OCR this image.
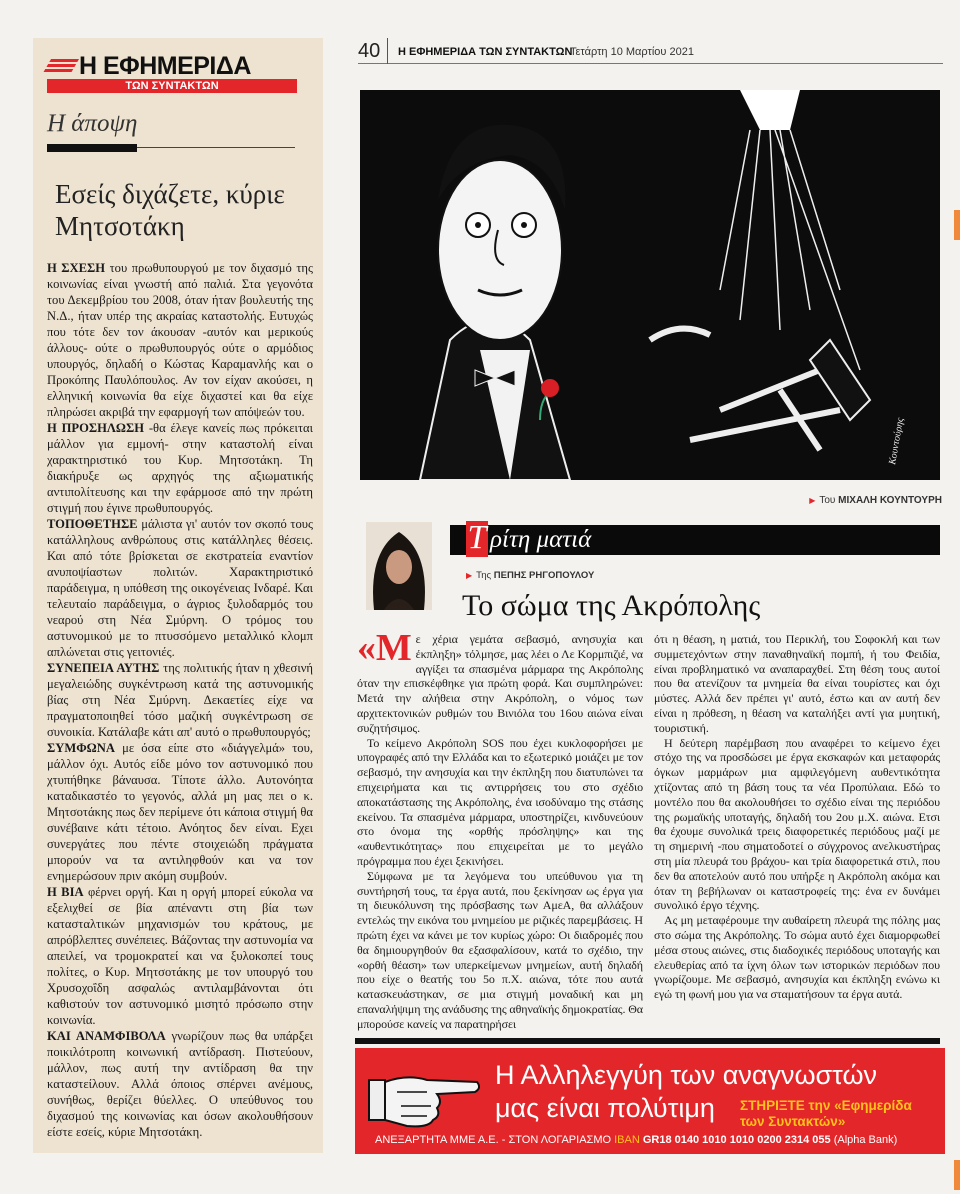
Η ΕΦΗΜΕΡΙΔΑ
ΤΩΝ ΣΥΝΤΑΚΤΩΝ
Η άποψη
Εσείς διχάζετε, κύριε Μητσοτάκη

Η ΣΧΕΣΗ του πρωθυπουργού με τον διχασμό της κοινωνίας είναι γνωστή από παλιά. Στα γεγονότα του Δεκεμβρίου του 2008, όταν ήταν βουλευτής της Ν.Δ., ήταν υπέρ της ακραίας καταστολής. Ευτυχώς που τότε δεν τον άκουσαν -αυτόν και μερικούς άλλους- ούτε ο πρωθυπουργός ούτε ο αρμόδιος υπουργός, δηλαδή ο Κώστας Καραμανλής και ο Προκόπης Παυλόπουλος. Αν τον είχαν ακούσει, η ελληνική κοινωνία θα είχε διχαστεί και θα είχε πληρώσει ακριβά την εφαρμογή των απόψεών του.

Η ΠΡΟΣΗΛΩΣΗ -θα έλεγε κανείς πως πρόκειται μάλλον για εμμονή- στην καταστολή είναι χαρακτηριστικό του Κυρ. Μητσοτάκη. Τη διακήρυξε ως αρχηγός της αξιωματικής αντιπολίτευσης και την εφάρμοσε από την πρώτη στιγμή που έγινε πρωθυπουργός.

ΤΟΠΟΘΕΤΗΣΕ μάλιστα γι' αυτόν τον σκοπό τους κατάλληλους ανθρώπους στις κατάλληλες θέσεις. Και από τότε βρίσκεται σε εκστρατεία εναντίον ανυποψίαστων πολιτών. Χαρακτηριστικό παράδειγμα, η υπόθεση της οικογένειας Ινδαρέ. Και τελευταίο παράδειγμα, ο άγριος ξυλοδαρμός του νεαρού στη Νέα Σμύρνη. Ο τρόμος του αστυνομικού με το πτυσσόμενο μεταλλικό κλομπ απλώνεται στις γειτονιές.

ΣΥΝΕΠΕΙΑ ΑΥΤΗΣ της πολιτικής ήταν η χθεσινή μεγαλειώδης συγκέντρωση κατά της αστυνομικής βίας στη Νέα Σμύρνη. Δεκαετίες είχε να πραγματοποιηθεί τόσο μαζική συγκέντρωση σε συνοικία. Κατάλαβε κάτι απ' αυτό ο πρωθυπουργός;

ΣΥΜΦΩΝΑ με όσα είπε στο «διάγγελμά» του, μάλλον όχι. Αυτός είδε μόνο τον αστυνομικό που χτυπήθηκε βάναυσα. Τίποτε άλλο. Αυτονόητα καταδικαστέο το γεγονός, αλλά μη μας πει ο κ. Μητσοτάκης πως δεν περίμενε ότι κάποια στιγμή θα συνέβαινε κάτι τέτοιο. Ανόητος δεν είναι. Εχει συνεργάτες που πέντε στοιχειώδη πράγματα μπορούν να τα αντιληφθούν και να τον ενημερώσουν πριν ακόμη συμβούν.

Η ΒΙΑ φέρνει οργή. Και η οργή μπορεί εύκολα να εξελιχθεί σε βία απέναντι στη βία των κατασταλτικών μηχανισμών του κράτους, με απρόβλεπτες συνέπειες. Βάζοντας την αστυνομία να απειλεί, να τρομοκρατεί και να ξυλοκοπεί τους πολίτες, ο Κυρ. Μητσοτάκης με τον υπουργό του Χρυσοχοΐδη ασφαλώς αντιλαμβάνονται ότι καθιστούν τον αστυνομικό μισητό πρόσωπο στην κοινωνία.

ΚΑΙ ΑΝΑΜΦΙΒΟΛΑ γνωρίζουν πως θα υπάρξει ποικιλότροπη κοινωνική αντίδραση. Πιστεύουν, μάλλον, πως αυτή την αντίδραση θα την καταστείλουν. Αλλά όποιος σπέρνει ανέμους, συνήθως, θερίζει θύελλες. Ο υπεύθυνος του διχασμού της κοινωνίας και όσων ακολουθήσουν είστε εσείς, κύριε Μητσοτάκη.

40 Η ΕΦΗΜΕΡΙΔΑ ΤΩΝ ΣΥΝΤΑΚΤΩΝ
Τετάρτη 10 Μαρτίου 2021
Κουντούρης
▶ Του ΜΙΧΑΛΗ ΚΟΥΝΤΟΥΡΗ
Τ ρίτη ματιά
▶ Της ΠΕΠΗΣ ΡΗΓΟΠΟΥΛΟΥ
Το σώμα της Ακρόπολης

«Με χέρια γεμάτα σεβασμό, ανησυχία και έκπληξη» τόλμησε, μας λέει ο Λε Κορμπιζιέ, να αγγίξει τα σπασμένα μάρμαρα της Ακρόπολης όταν την επισκέφθηκε για πρώτη φορά. Και συμπληρώνει: Μετά την αλήθεια στην Ακρόπολη, ο νόμος των αρχιτεκτονικών ρυθμών του Βινιόλα του 16ου αιώνα είναι συζητήσιμος.

Το κείμενο Ακρόπολη SOS που έχει κυκλοφορήσει με υπογραφές από την Ελλάδα και το εξωτερικό μοιάζει με τον σεβασμό, την ανησυχία και την έκπληξη που διατυπώνει τα επιχειρήματα και τις αντιρρήσεις του στο σχέδιο αποκατάστασης της Ακρόπολης, ένα ισοδύναμο της στάσης εκείνου. Τα σπασμένα μάρμαρα, υποστηρίζει, κινδυνεύουν στο όνομα της «ορθής πρόσληψης» και της «αυθεντικότητας» που επιχειρείται με το μεγάλο πρόγραμμα που έχει ξεκινήσει.

Σύμφωνα με τα λεγόμενα του υπεύθυνου για τη συντήρησή τους, τα έργα αυτά, που ξεκίνησαν ως έργα για τη διευκόλυνση της πρόσβασης των ΑμεΑ, θα αλλάξουν εντελώς την εικόνα του μνημείου με ριζικές παρεμβάσεις. Η πρώτη έχει να κάνει με τον κυρίως χώρο: Οι διαδρομές που θα δημιουργηθούν θα εξασφαλίσουν, κατά το σχέδιο, την «ορθή θέαση» των υπερκείμενων μνημείων, αυτή δηλαδή που είχε ο θεατής του 5ο π.Χ. αιώνα, τότε που αυτά κατασκευάστηκαν, σε μια στιγμή μοναδική και μη επαναλήψιμη της ανάδυσης της αθηναϊκής δημοκρατίας. Θα μπορούσε κανείς να παρατηρήσει

ότι η θέαση, η ματιά, του Περικλή, του Σοφοκλή και των συμμετεχόντων στην παναθηναϊκή πομπή, ή του Φειδία, είναι προβληματικό να αναπαραχθεί. Στη θέση τους αυτοί που θα ατενίζουν τα μνημεία θα είναι τουρίστες και όχι μύστες. Αλλά δεν πρέπει γι' αυτό, έστω και αν αυτή δεν είναι η πρόθεση, η θέαση να καταλήξει αντί για μυητική, τουριστική.

Η δεύτερη παρέμβαση που αναφέρει το κείμενο έχει στόχο της να προσδώσει με έργα εκσκαφών και μεταφοράς όγκων μαρμάρων μια αμφιλεγόμενη αυθεντικότητα χτίζοντας από τη βάση τους τα νέα Προπύλαια. Εδώ το μοντέλο που θα ακολουθήσει το σχέδιο είναι της περιόδου της ρωμαϊκής υποταγής, δηλαδή του 2ου μ.Χ. αιώνα. Ετσι θα έχουμε συνολικά τρεις διαφορετικές περιόδους μαζί με τη σημερινή -που σηματοδοτεί ο σύγχρονος ανελκυστήρας στη μία πλευρά του βράχου- και τρία διαφορετικά στιλ, που δεν θα αποτελούν αυτό που υπήρξε η Ακρόπολη ακόμα και όταν τη βεβήλωναν οι καταστροφείς της: ένα εν δυνάμει συνολικό έργο τέχνης.

Ας μη μεταφέρουμε την αυθαίρετη πλευρά της πόλης μας στο σώμα της Ακρόπολης. Το σώμα αυτό έχει διαμορφωθεί μέσα στους αιώνες, στις διαδοχικές περιόδους υποταγής και ελευθερίας από τα ίχνη όλων των ιστορικών περιόδων που γνωρίζουμε. Με σεβασμό, ανησυχία και έκπληξη ενώνω κι εγώ τη φωνή μου για να σταματήσουν τα έργα αυτά.

Η Αλληλεγγύη των αναγνωστών
μας είναι πολύτιμη ΣΤΗΡΙΞΤΕ την «Εφημερίδα των Συντακτών»
ΑΝΕΞΑΡΤΗΤΑ ΜΜΕ Α.Ε. - ΣΤΟΝ ΛΟΓΑΡΙΑΣΜΟ IBAN GR18 0140 1010 1010 0200 2314 055 (Alpha Bank)
